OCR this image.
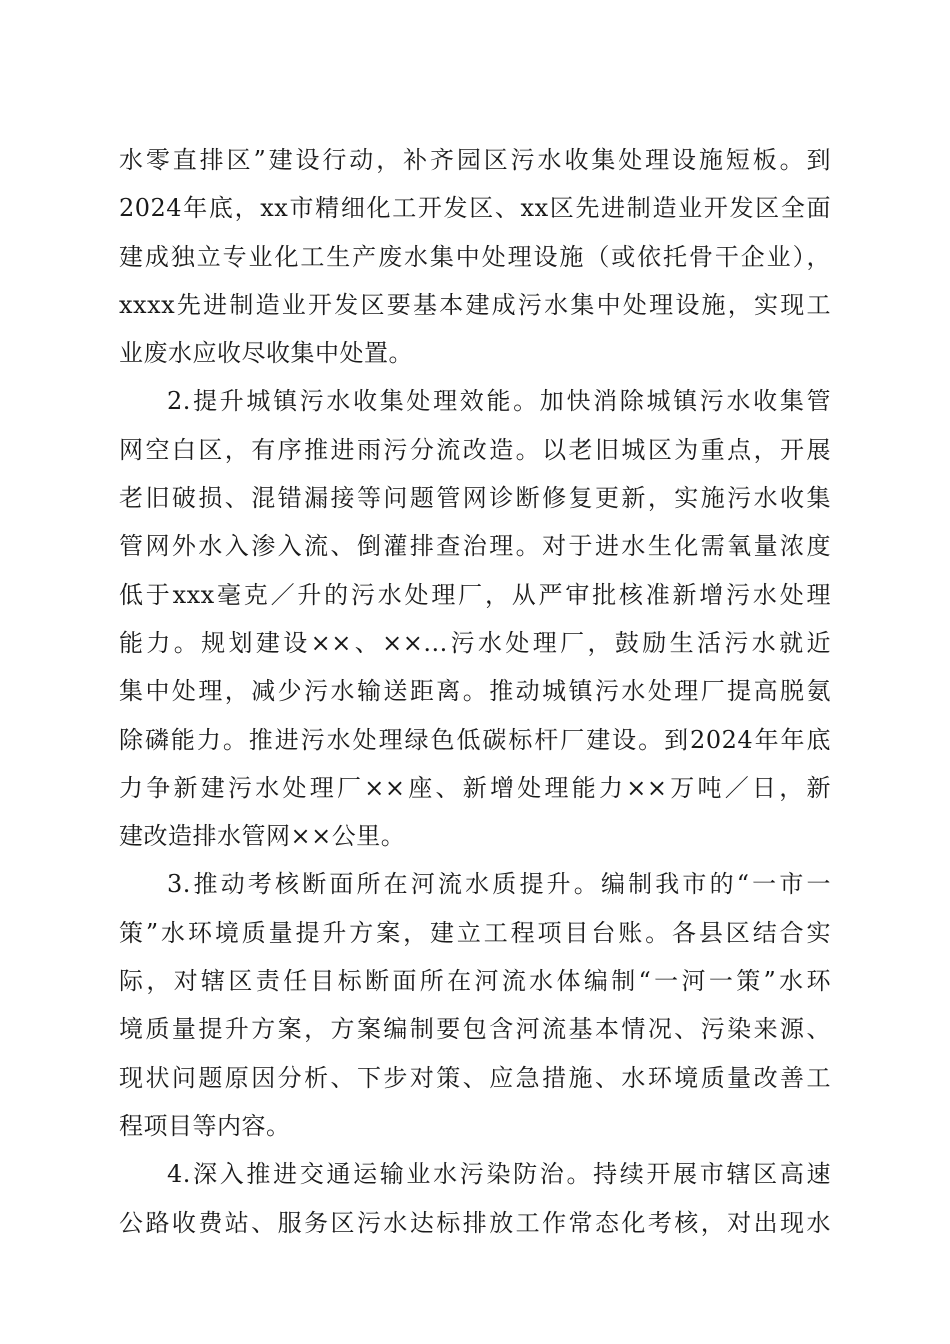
水零直排区”建设行动，补齐园区污水收集处理设施短板。到
2024年底，xx市精细化工开发区、xx区先进制造业开发区全面
建成独立专业化工生产废水集中处理设施（或依托骨干企业），
xxxx先进制造业开发区要基本建成污水集中处理设施，实现工
业废水应收尽收集中处置。
2.提升城镇污水收集处理效能。加快消除城镇污水收集管
网空白区，有序推进雨污分流改造。以老旧城区为重点，开展
老旧破损、混错漏接等问题管网诊断修复更新，实施污水收集
管网外水入渗入流、倒灌排查治理。对于进水生化需氧量浓度
低于xxx毫克／升的污水处理厂，从严审批核准新增污水处理
能力。规划建设××、××...污水处理厂，鼓励生活污水就近
集中处理，减少污水输送距离。推动城镇污水处理厂提高脱氨
除磷能力。推进污水处理绿色低碳标杆厂建设。到2024年年底
力争新建污水处理厂××座、新增处理能力××万吨／日，新
建改造排水管网××公里。
3.推动考核断面所在河流水质提升。编制我市的“一市一
策”水环境质量提升方案，建立工程项目台账。各县区结合实
际，对辖区责任目标断面所在河流水体编制“一河一策”水环
境质量提升方案，方案编制要包含河流基本情况、污染来源、
现状问题原因分析、下步对策、应急措施、水环境质量改善工
程项目等内容。
4.深入推进交通运输业水污染防治。持续开展市辖区高速
公路收费站、服务区污水达标排放工作常态化考核，对出现水
